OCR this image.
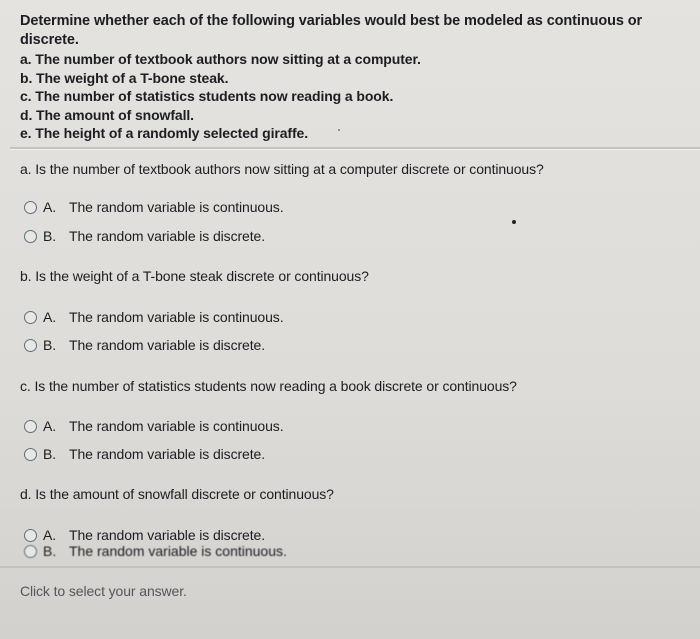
Determine whether each of the following variables would best be modeled as continuous or discrete.
a. The number of textbook authors now sitting at a computer.
b. The weight of a T-bone steak.
c. The number of statistics students now reading a book.
d. The amount of snowfall.
e. The height of a randomly selected giraffe.
a. Is the number of textbook authors now sitting at a computer discrete or continuous?
A. The random variable is continuous.
B. The random variable is discrete.
b. Is the weight of a T-bone steak discrete or continuous?
A. The random variable is continuous.
B. The random variable is discrete.
c. Is the number of statistics students now reading a book discrete or continuous?
A. The random variable is continuous.
B. The random variable is discrete.
d. Is the amount of snowfall discrete or continuous?
A. The random variable is discrete.
B. The random variable is continuous.
Click to select your answer.
